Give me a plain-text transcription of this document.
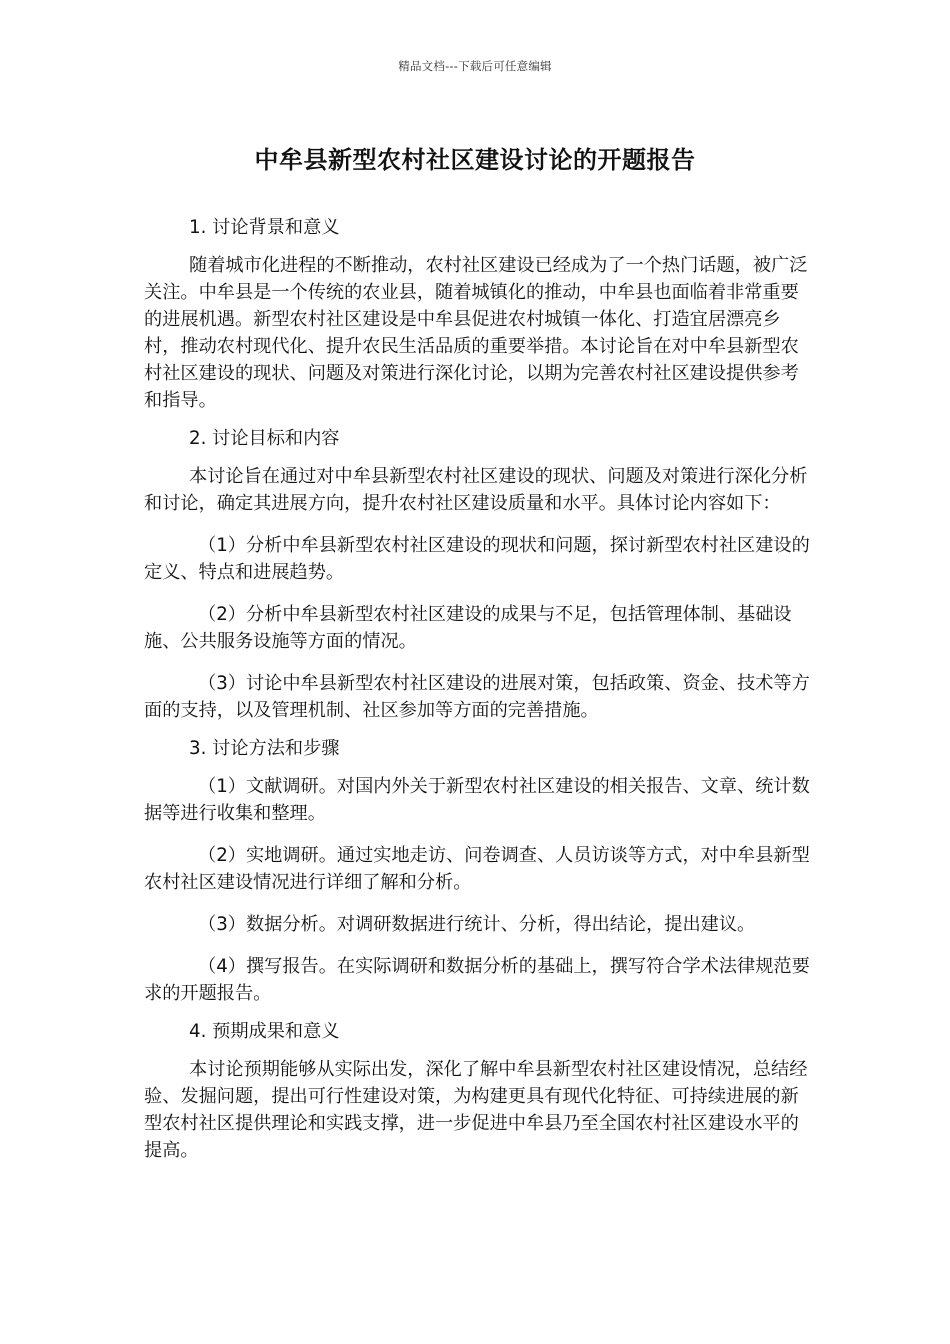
精品文档---下载后可任意编辑
中牟县新型农村社区建设讨论的开题报告
1. 讨论背景和意义

随着城市化进程的不断推动，农村社区建设已经成为了一个热门话题，被广泛关注。中牟县是一个传统的农业县，随着城镇化的推动，中牟县也面临着非常重要的进展机遇。新型农村社区建设是中牟县促进农村城镇一体化、打造宜居漂亮乡村，推动农村现代化、提升农民生活品质的重要举措。本讨论旨在对中牟县新型农村社区建设的现状、问题及对策进行深化讨论，以期为完善农村社区建设提供参考和指导。

2. 讨论目标和内容

本讨论旨在通过对中牟县新型农村社区建设的现状、问题及对策进行深化分析和讨论，确定其进展方向，提升农村社区建设质量和水平。具体讨论内容如下：

（1）分析中牟县新型农村社区建设的现状和问题，探讨新型农村社区建设的定义、特点和进展趋势。

（2）分析中牟县新型农村社区建设的成果与不足，包括管理体制、基础设施、公共服务设施等方面的情况。

（3）讨论中牟县新型农村社区建设的进展对策，包括政策、资金、技术等方面的支持，以及管理机制、社区参加等方面的完善措施。

3. 讨论方法和步骤

（1）文献调研。对国内外关于新型农村社区建设的相关报告、文章、统计数据等进行收集和整理。

（2）实地调研。通过实地走访、问卷调查、人员访谈等方式，对中牟县新型农村社区建设情况进行详细了解和分析。

（3）数据分析。对调研数据进行统计、分析，得出结论，提出建议。

（4）撰写报告。在实际调研和数据分析的基础上，撰写符合学术法律规范要求的开题报告。

4. 预期成果和意义

本讨论预期能够从实际出发，深化了解中牟县新型农村社区建设情况，总结经验、发掘问题，提出可行性建设对策，为构建更具有现代化特征、可持续进展的新型农村社区提供理论和实践支撑，进一步促进中牟县乃至全国农村社区建设水平的提高。
